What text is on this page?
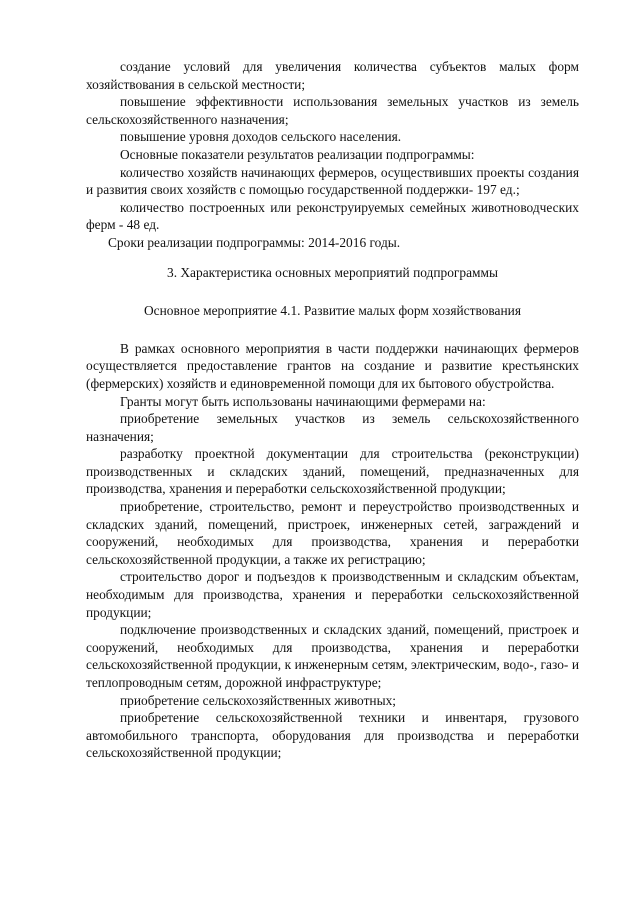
создание условий для увеличения количества субъектов малых форм хозяйствования в сельской местности;

повышение эффективности использования земельных участков из земель сельскохозяйственного назначения;

повышение уровня доходов сельского населения.

Основные показатели результатов реализации подпрограммы:

количество хозяйств начинающих фермеров, осуществивших проекты создания и развития своих хозяйств с помощью государственной поддержки- 197 ед.;

количество построенных или реконструируемых семейных животноводческих ферм - 48 ед.

Сроки реализации подпрограммы: 2014-2016 годы.

3. Характеристика основных мероприятий подпрограммы

Основное мероприятие 4.1. Развитие малых форм хозяйствования

В рамках основного мероприятия в части поддержки начинающих фермеров осуществляется предоставление грантов на создание и развитие крестьянских (фермерских) хозяйств и единовременной помощи для их бытового обустройства.

Гранты могут быть использованы начинающими фермерами на:

приобретение земельных участков из земель сельскохозяйственного назначения;

разработку проектной документации для строительства (реконструкции) производственных и складских зданий, помещений, предназначенных для производства, хранения и переработки сельскохозяйственной продукции;

приобретение, строительство, ремонт и переустройство производственных и складских зданий, помещений, пристроек, инженерных сетей, заграждений и сооружений, необходимых для производства, хранения и переработки сельскохозяйственной продукции, а также их регистрацию;

строительство дорог и подъездов к производственным и складским объектам, необходимым для производства, хранения и переработки сельскохозяйственной продукции;

подключение производственных и складских зданий, помещений, пристроек и сооружений, необходимых для производства, хранения и переработки сельскохозяйственной продукции, к инженерным сетям, электрическим, водо-, газо- и теплопроводным сетям, дорожной инфраструктуре;

приобретение сельскохозяйственных животных;

приобретение сельскохозяйственной техники и инвентаря, грузового автомобильного транспорта, оборудования для производства и переработки сельскохозяйственной продукции;
